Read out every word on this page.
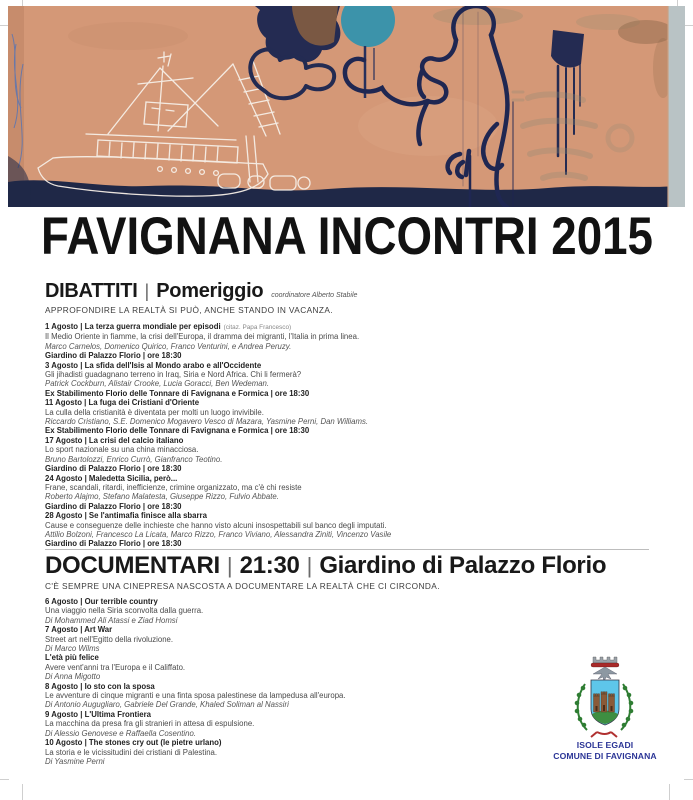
FAVIGNANA INCONTRI 2015
DIBATTITI | Pomeriggio coordinatore Alberto Stabile
APPROFONDIRE LA REALTÀ SI PUÒ, ANCHE STANDO IN VACANZA.
1 Agosto | La terza guerra mondiale per episodi (citaz. Papa Francesco)
Il Medio Oriente in fiamme, la crisi dell'Europa, il dramma dei migranti, l'Italia in prima linea.
Marco Carnelos, Domenico Quirico, Franco Venturini, e Andrea Peruzy.
Giardino di Palazzo Florio | ore 18:30
3 Agosto | La sfida dell'Isis al Mondo arabo e all'Occidente
Gli jihadisti guadagnano terreno in Iraq, Siria e Nord Africa. Chi li fermerà?
Patrick Cockburn, Alistair Crooke, Lucia Goracci, Ben Wedeman.
Ex Stabilimento Florio delle Tonnare di Favignana e Formica | ore 18:30
11 Agosto | La fuga dei Cristiani d'Oriente
La culla della cristianità è diventata per molti un luogo invivibile.
Riccardo Cristiano, S.E. Domenico Mogavero Vesco di Mazara, Yasmine Perni, Dan Williams.
Ex Stabilimento Florio delle Tonnare di Favignana e Formica | ore 18:30
17 Agosto | La crisi del calcio italiano
Lo sport nazionale su una china minacciosa.
Bruno Bartolozzi, Enrico Currò, Gianfranco Teotino.
Giardino di Palazzo Florio | ore 18:30
24 Agosto | Maledetta Sicilia, però...
Frane, scandali, ritardi, inefficienze, crimine organizzato, ma c'è chi resiste
Roberto Alajmo, Stefano Malatesta, Giuseppe Rizzo, Fulvio Abbate.
Giardino di Palazzo Florio | ore 18:30
28 Agosto | Se l'antimafia finisce alla sbarra
Cause e conseguenze delle inchieste che hanno visto alcuni insospettabili sul banco degli imputati.
Attilio Bolzoni, Francesco La Licata, Marco Rizzo, Franco Viviano, Alessandra Ziniti, Vincenzo Vasile
Giardino di Palazzo Florio | ore 18:30
DOCUMENTARI | 21:30 | Giardino di Palazzo Florio
C'È SEMPRE UNA CINEPRESA NASCOSTA A DOCUMENTARE LA REALTÀ CHE CI CIRCONDA.
6 Agosto | Our terrible country
Una viaggio nella Siria sconvolta dalla guerra.
Di Mohammed Ali Atassi e Ziad Homsi
7 Agosto | Art War
Street art nell'Egitto della rivoluzione.
Di Marco Wilms
L'età più felice
Avere vent'anni tra l'Europa e il Califfato.
Di Anna Migotto
8 Agosto | Io sto con la sposa
Le avventure di cinque migranti e una finta sposa palestinese da lampedusa all'europa.
Di Antonio Augugliaro, Gabriele Del Grande, Khaled Soliman al Nassiri
9 Agosto | L'Ultima Frontiera
La macchina da presa fra gli stranieri in attesa di espulsione.
Di Alessio Genovese e Raffaella Cosentino.
10 Agosto | The stones cry out (le pietre urlano)
La storia e le vicissitudini dei cristiani di Palestina.
Di Yasmine Perni
ISOLE EGADI
COMUNE DI FAVIGNANA
